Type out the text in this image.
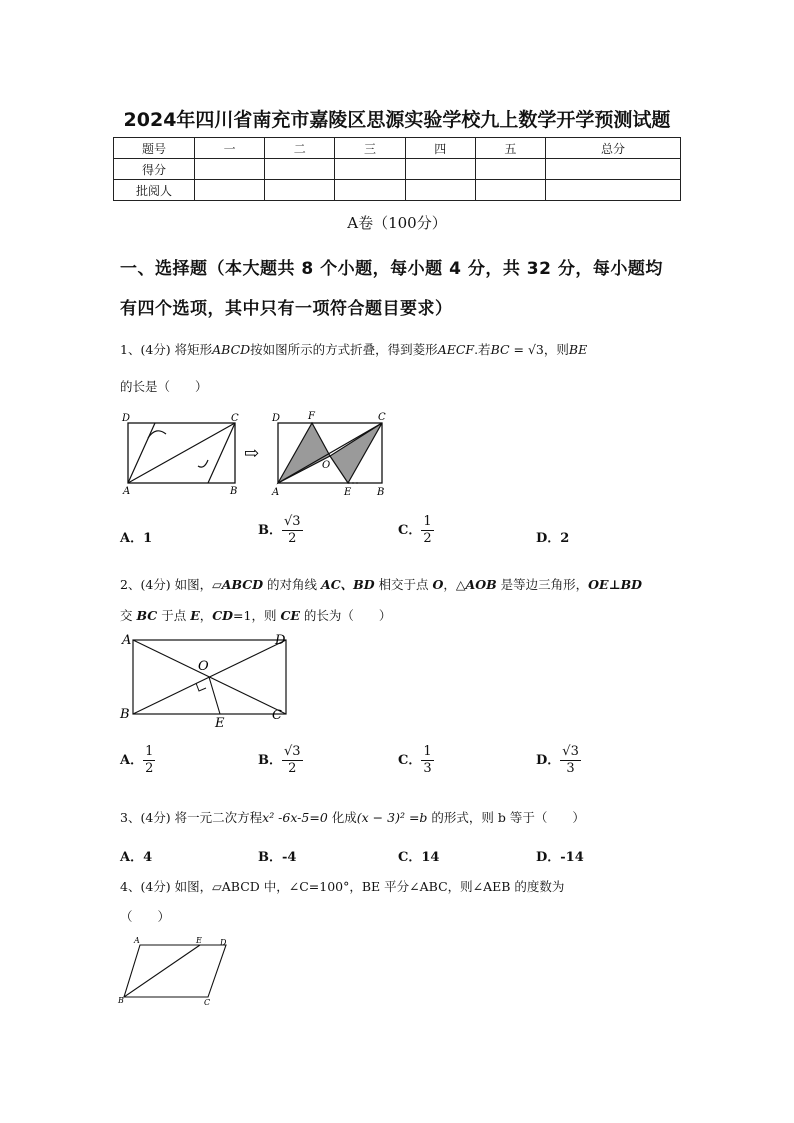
2024年四川省南充市嘉陵区思源实验学校九上数学开学预测试题
题号	一	二	三	四	五	总分
得分						
批阅人						
A卷（100分）
一、选择题（本大题共 8 个小题，每小题 4 分，共 32 分，每小题均
有四个选项，其中只有一项符合题目要求）
1、(4分) 将矩形ABCD按如图所示的方式折叠，得到菱形AECF.若BC = √3，则BE
的长是（　　）
D	C
A	B
⇨
D	F	C
O
A	E	B
A．1
B． $\frac{√3}{2}$	C． $\frac{1}{2}$	D．2
2、(4分) 如图，▱ABCD 的对角线 AC、BD 相交于点 O，△AOB 是等边三角形，OE⊥BD
交 BC 于点 E，CD=1，则 CE 的长为（　　）
A	D
B	C
O
E
A． $\frac{1}{2}$	B． $\frac{√3}{2}$	C． $\frac{1}{3}$	D． $\frac{√3}{3}$
3、(4分) 将一元二次方程x² -6x-5=0 化成(x − 3)² =b 的形式，则 b 等于（　　）
A．4	B．-4	C．14	D．-14
4、(4分) 如图，▱ABCD 中，∠C=100°，BE 平分∠ABC，则∠AEB 的度数为
（　　）
A	E D
B	C
